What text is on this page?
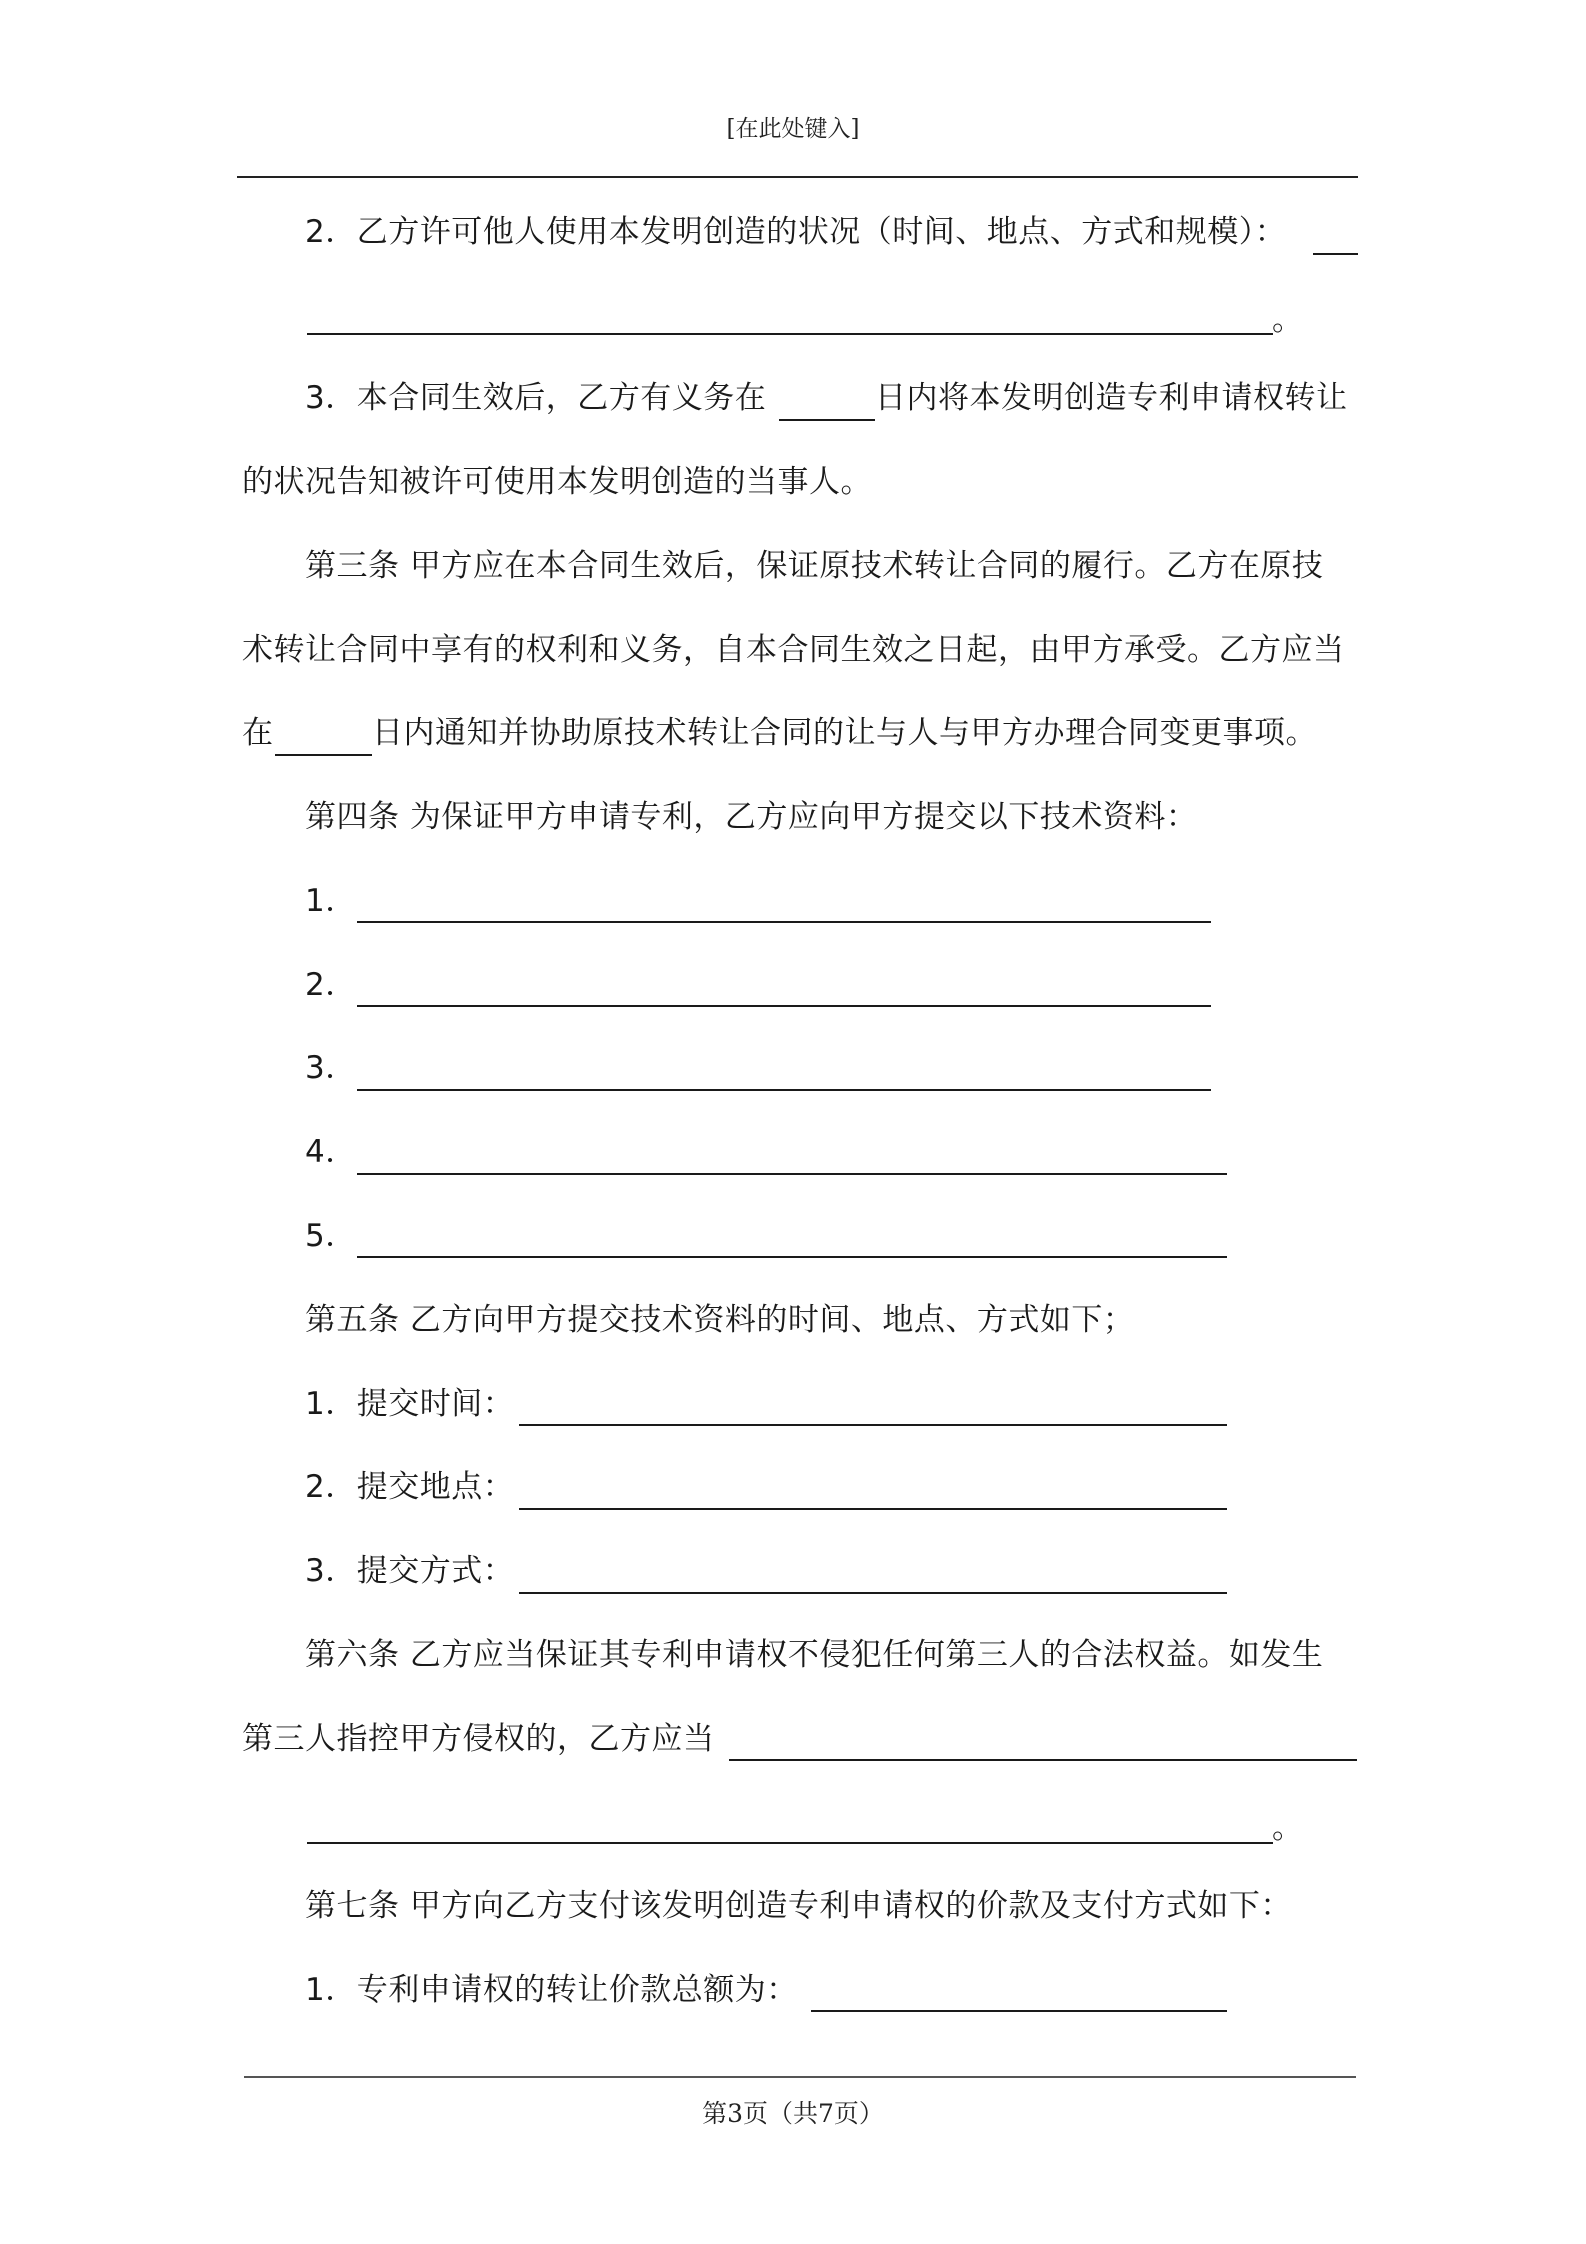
[在此处键入]
2．乙方许可他人使用本发明创造的状况（时间、地点、方式和规模）：
。
3．本合同生效后，乙方有义务在	日内将本发明创造专利申请权转让
的状况告知被许可使用本发明创造的当事人。
第三条 甲方应在本合同生效后，保证原技术转让合同的履行。乙方在原技
术转让合同中享有的权利和义务，自本合同生效之日起，由甲方承受。乙方应当
在	日内通知并协助原技术转让合同的让与人与甲方办理合同变更事项。
第四条 为保证甲方申请专利，乙方应向甲方提交以下技术资料：
1．
2．
3．
4．
5．
第五条 乙方向甲方提交技术资料的时间、地点、方式如下；
1．提交时间：
2．提交地点：
3．提交方式：
第六条 乙方应当保证其专利申请权不侵犯任何第三人的合法权益。如发生
第三人指控甲方侵权的，乙方应当
。
第七条 甲方向乙方支付该发明创造专利申请权的价款及支付方式如下：
1．专利申请权的转让价款总额为：
第3页（共7页）
